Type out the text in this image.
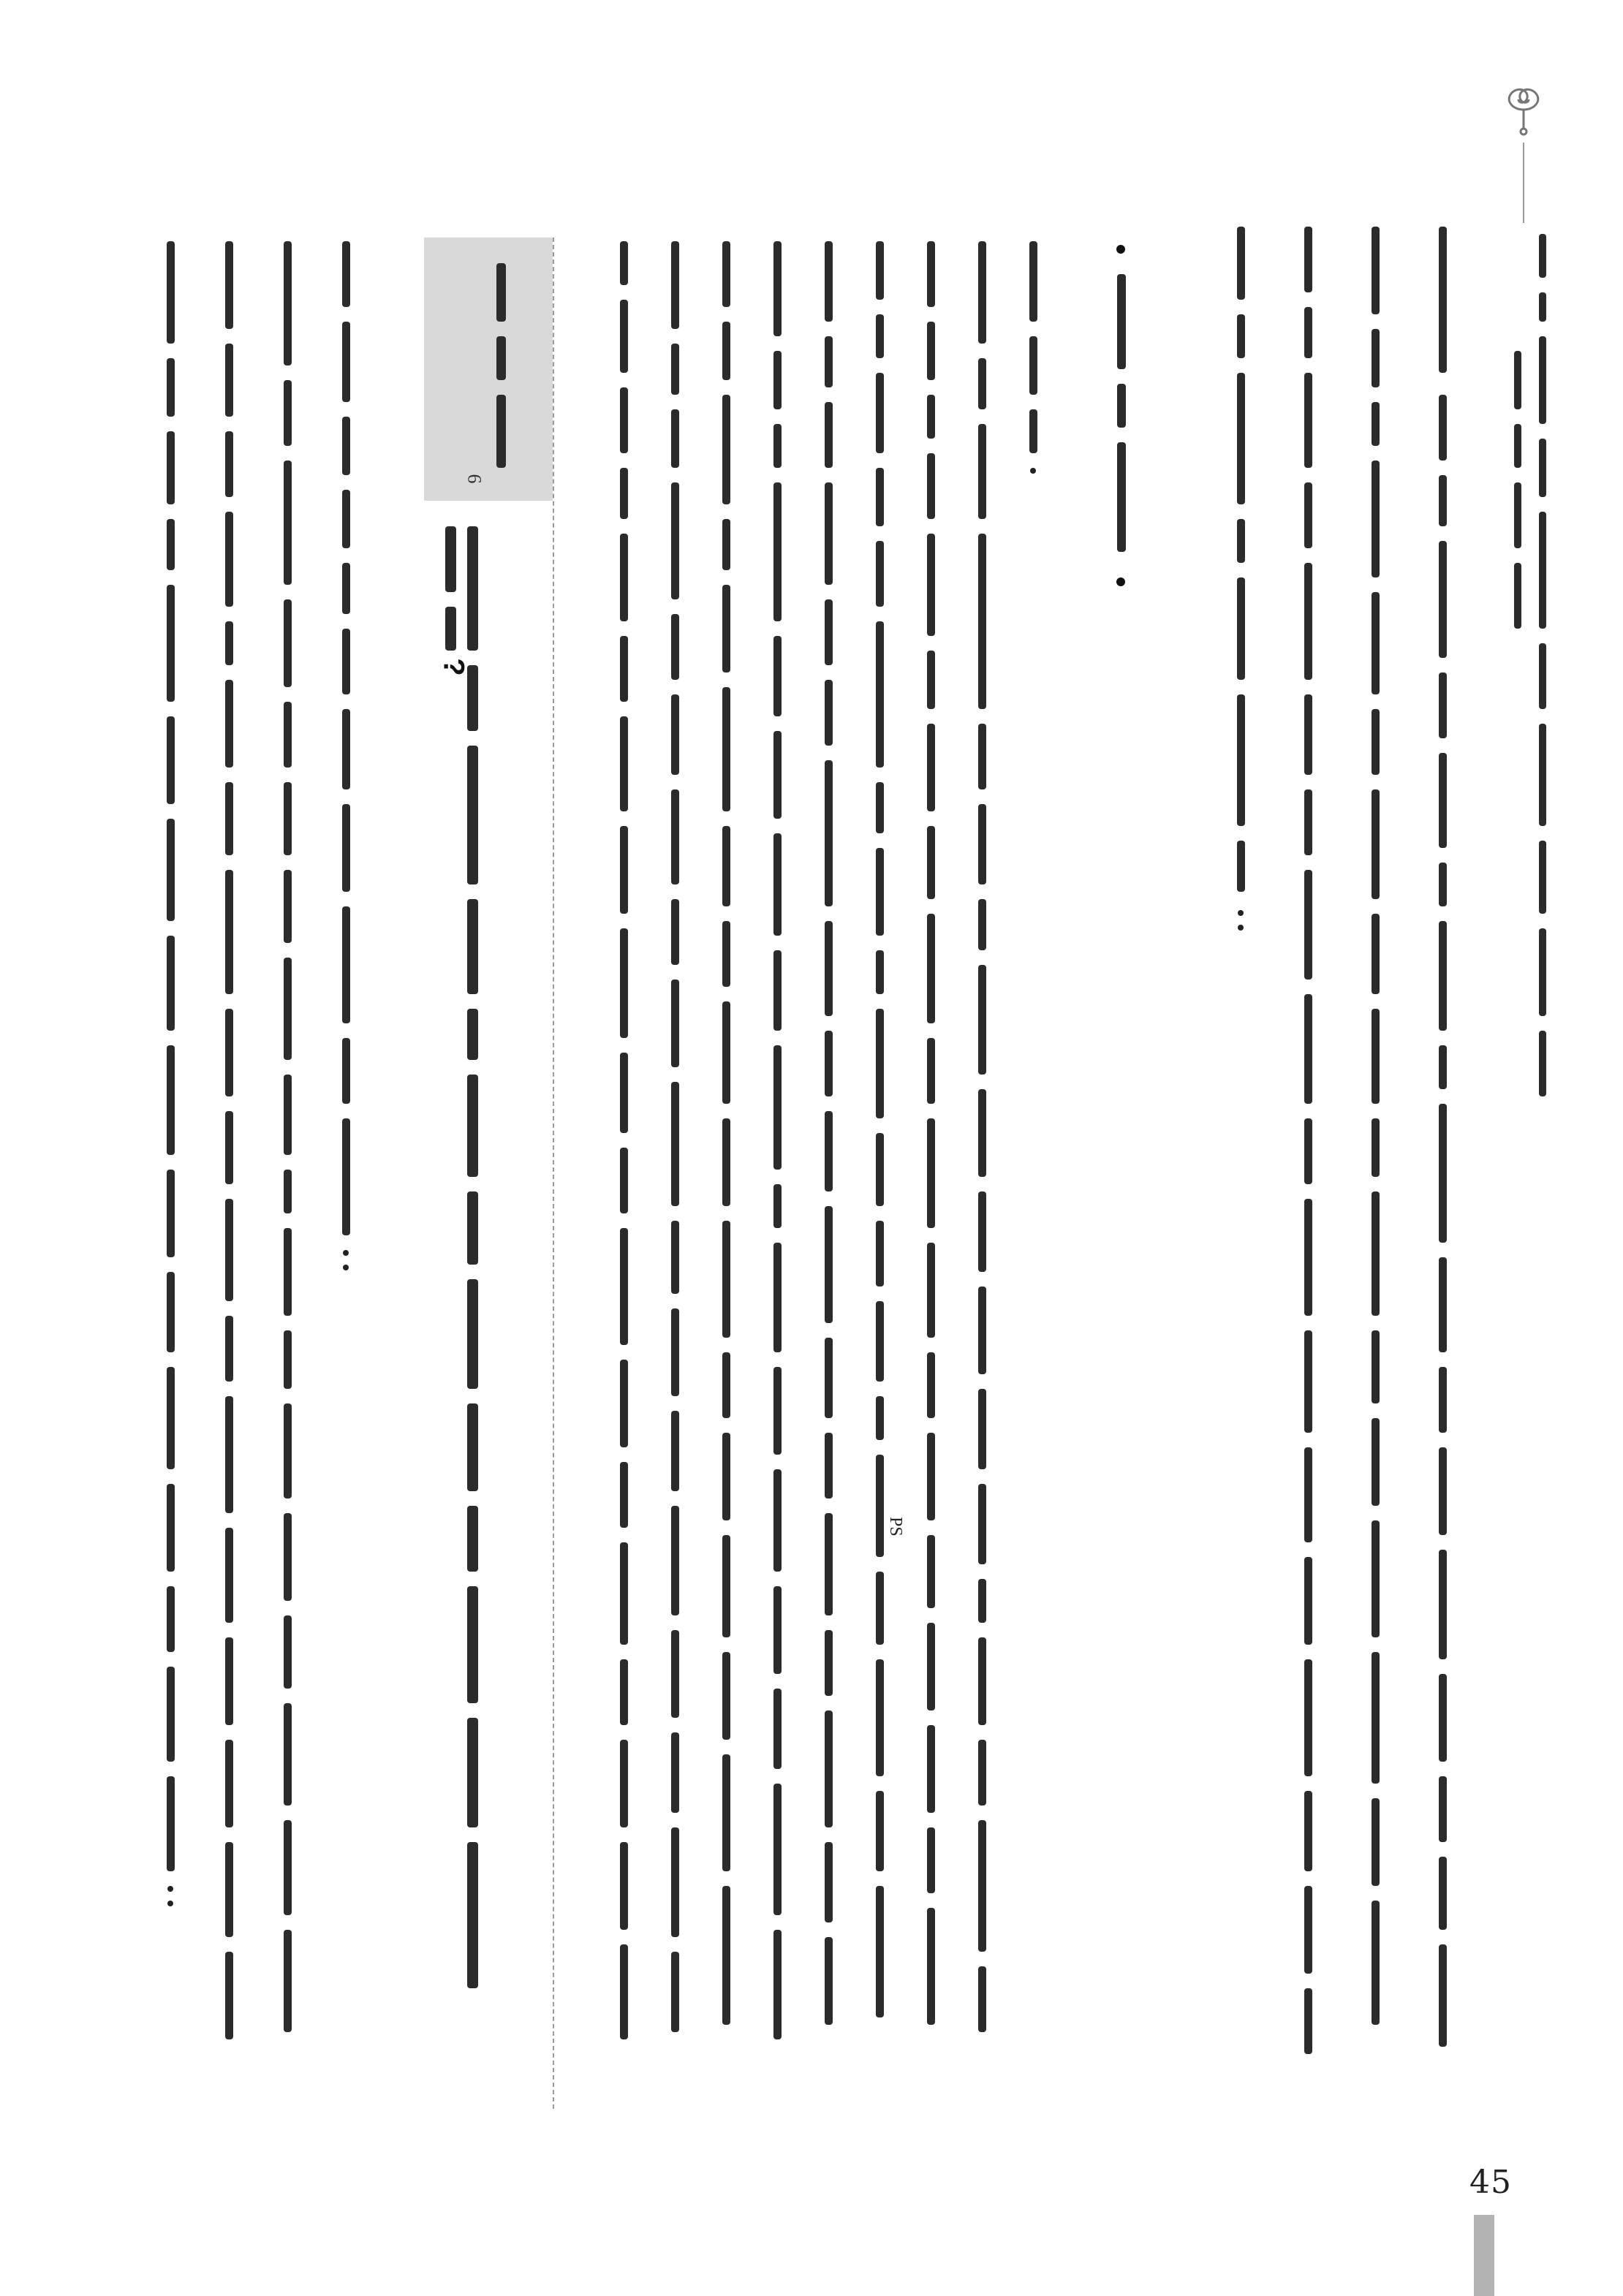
PS
6
?
45
